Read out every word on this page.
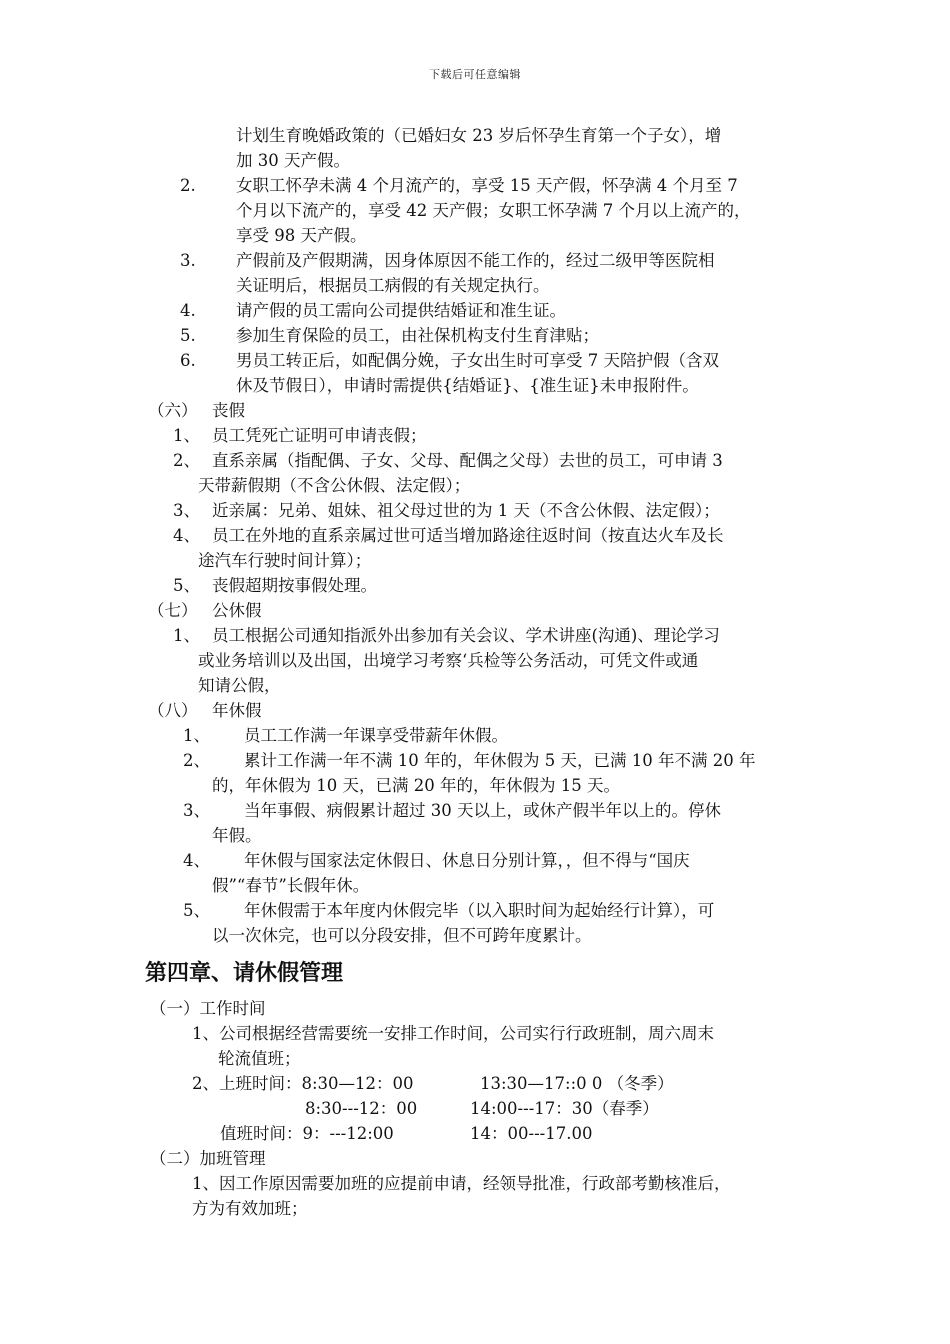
下载后可任意编辑
计划生育晚婚政策的（已婚妇女 23 岁后怀孕生育第一个子女），增
加 30 天产假。
2. 女职工怀孕未满 4 个月流产的，享受 15 天产假，怀孕满 4 个月至 7
个月以下流产的，享受 42 天产假；女职工怀孕满 7 个月以上流产的，
享受 98 天产假。
3. 产假前及产假期满，因身体原因不能工作的，经过二级甲等医院相
关证明后，根据员工病假的有关规定执行。
4. 请产假的员工需向公司提供结婚证和准生证。
5. 参加生育保险的员工，由社保机构支付生育津贴；
6. 男员工转正后，如配偶分娩，子女出生时可享受 7 天陪护假（含双
休及节假日），申请时需提供{结婚证}、{准生证}未申报附件。
（六） 丧假
1、 员工凭死亡证明可申请丧假；
2、 直系亲属（指配偶、子女、父母、配偶之父母）去世的员工，可申请 3
天带薪假期（不含公休假、法定假）；
3、 近亲属：兄弟、姐妹、祖父母过世的为 1 天（不含公休假、法定假）；
4、 员工在外地的直系亲属过世可适当增加路途往返时间（按直达火车及长
途汽车行驶时间计算）；
5、 丧假超期按事假处理。
（七） 公休假
1、 员工根据公司通知指派外出参加有关会议、学术讲座(沟通)、理论学习
或业务培训以及出国，出境学习考察‘兵检等公务活动，可凭文件或通
知请公假，
（八） 年休假
1、 员工工作满一年课享受带薪年休假。
2、 累计工作满一年不满 10 年的，年休假为 5 天，已满 10 年不满 20 年
的，年休假为 10 天，已满 20 年的，年休假为 15 天。
3、 当年事假、病假累计超过 30 天以上，或休产假半年以上的。停休
年假。
4、 年休假与国家法定休假日、休息日分别计算，，但不得与“国庆
假”“春节”长假年休。
5、 年休假需于本年度内休假完毕（以入职时间为起始经行计算），可
以一次休完，也可以分段安排，但不可跨年度累计。
第四章、请休假管理
（一）工作时间
1、公司根据经营需要统一安排工作时间，公司实行行政班制，周六周末
轮流值班；
2、上班时间：8:30—12：00	13:30—17::0 0 （冬季）
8:30---12：00	14:00---17：30（春季）
值班时间：9：---12:00	14：00---17.00
（二）加班管理
1、因工作原因需要加班的应提前申请，经领导批准，行政部考勤核准后，
方为有效加班；
